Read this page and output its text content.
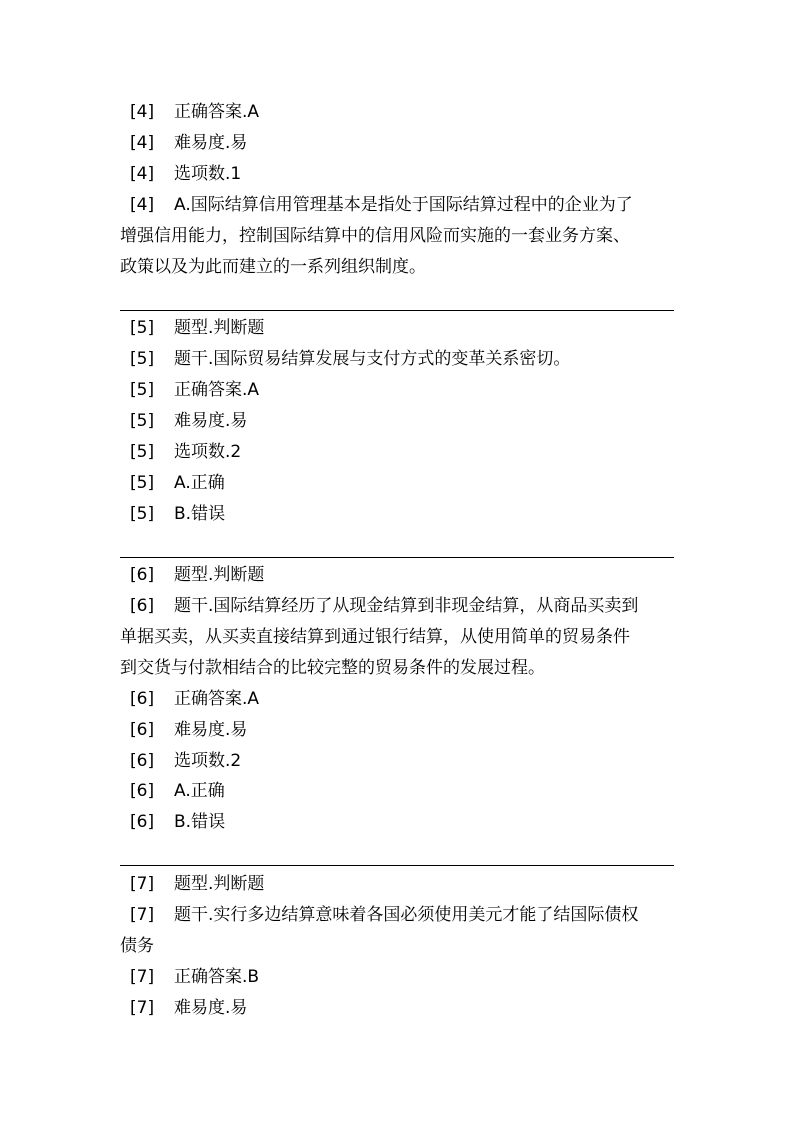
[4] 正确答案.A
[4] 难易度.易
[4] 选项数.1
[4] A.国际结算信用管理基本是指处于国际结算过程中的企业为了
增强信用能力，控制国际结算中的信用风险而实施的一套业务方案、
政策以及为此而建立的一系列组织制度。
[5] 题型.判断题
[5] 题干.国际贸易结算发展与支付方式的变革关系密切。
[5] 正确答案.A
[5] 难易度.易
[5] 选项数.2
[5] A.正确
[5] B.错误
[6] 题型.判断题
[6] 题干.国际结算经历了从现金结算到非现金结算，从商品买卖到
单据买卖，从买卖直接结算到通过银行结算，从使用简单的贸易条件
到交货与付款相结合的比较完整的贸易条件的发展过程。
[6] 正确答案.A
[6] 难易度.易
[6] 选项数.2
[6] A.正确
[6] B.错误
[7] 题型.判断题
[7] 题干.实行多边结算意味着各国必须使用美元才能了结国际债权
债务
[7] 正确答案.B
[7] 难易度.易
